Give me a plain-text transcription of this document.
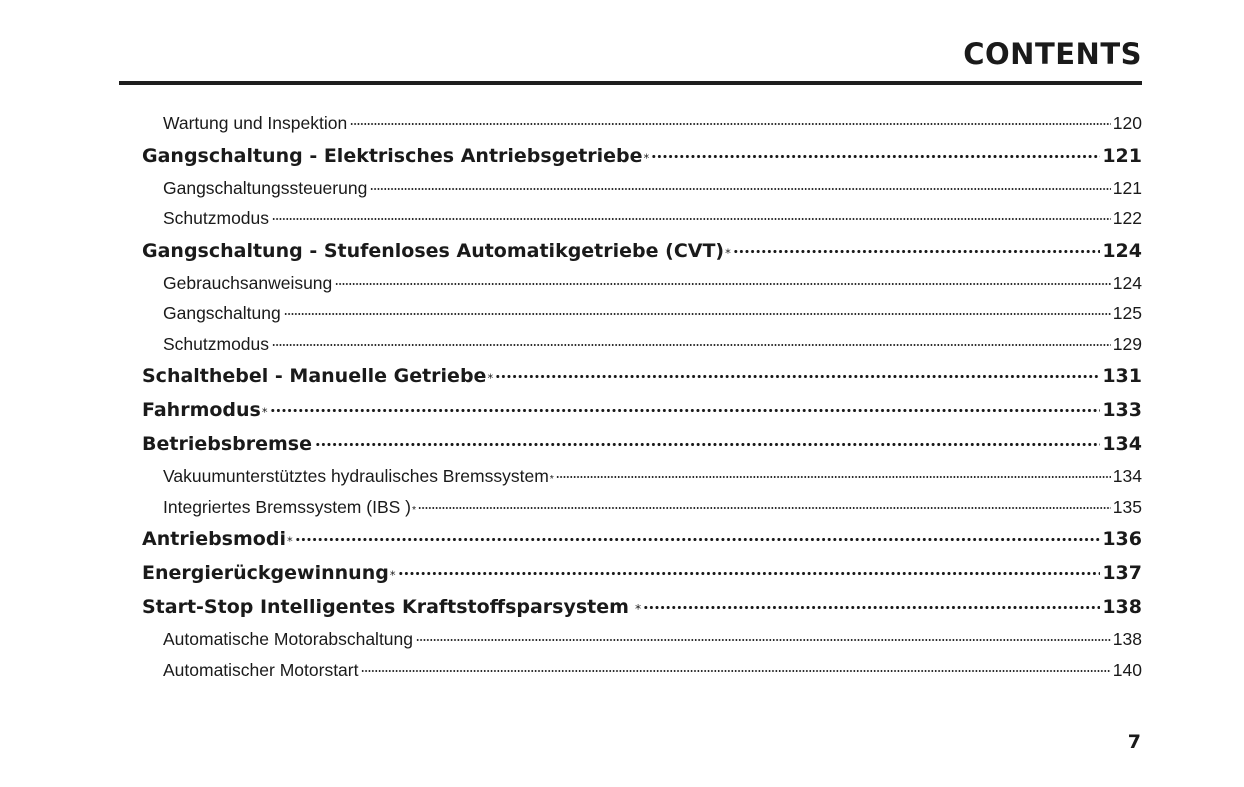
CONTENTS
Wartung und Inspektion	120
Gangschaltung - Elektrisches Antriebsgetriebe *	121
Gangschaltungssteuerung	121
Schutzmodus	122
Gangschaltung - Stufenloses Automatikgetriebe (CVT) *	124
Gebrauchsanweisung	124
Gangschaltung	125
Schutzmodus	129
Schalthebel - Manuelle Getriebe *	131
Fahrmodus *	133
Betriebsbremse	134
Vakuumunterstütztes hydraulisches Bremssystem *	134
Integriertes Bremssystem (IBS ) *	135
Antriebsmodi *	136
Energierückgewinnung *	137
Start-Stop Intelligentes Kraftstoffsparsystem *	138
Automatische Motorabschaltung	138
Automatischer Motorstart	140
7
